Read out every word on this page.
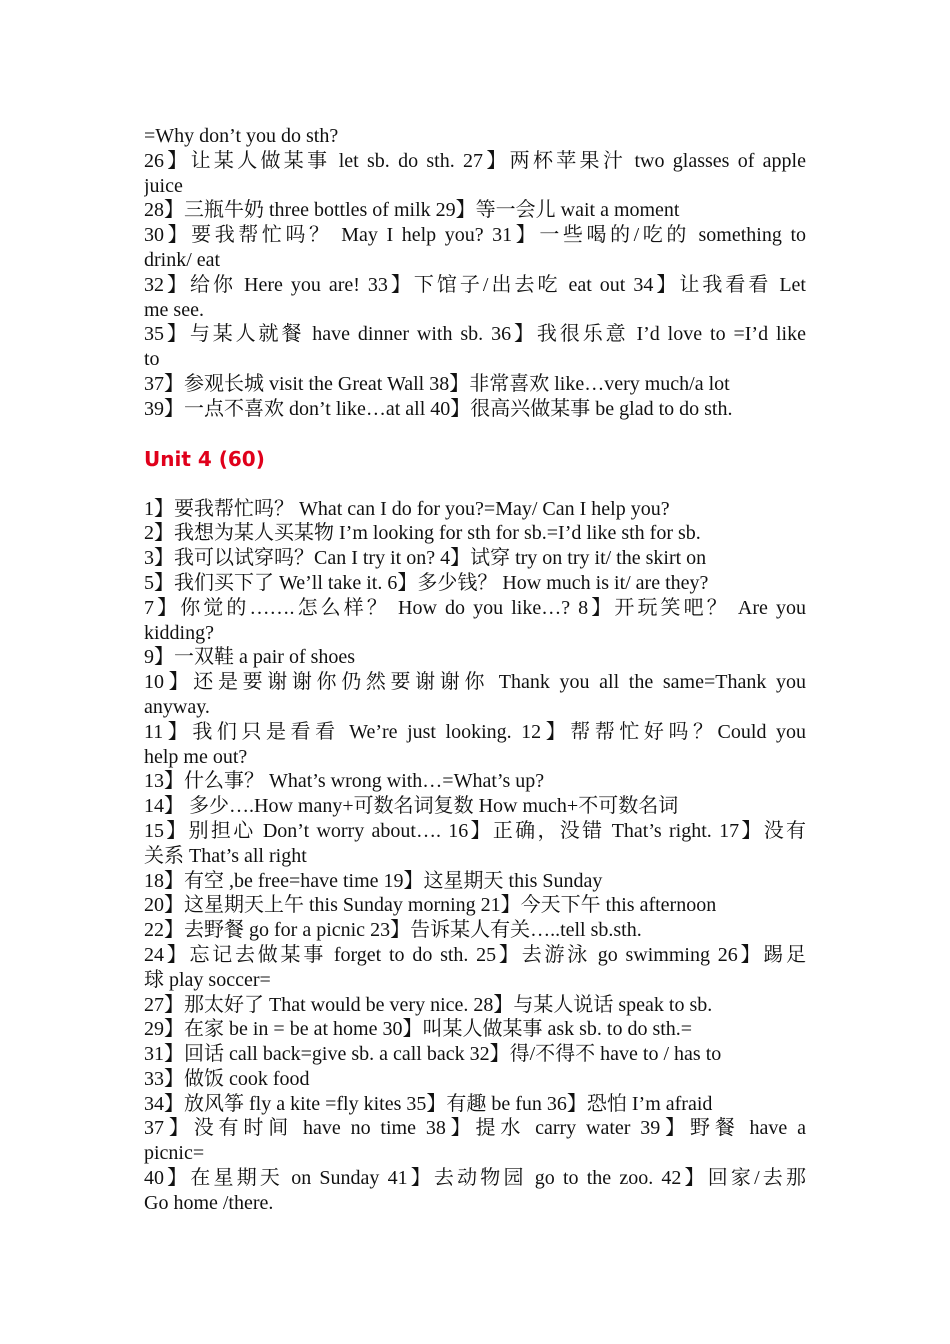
=Why don’t you do sth?
26】让某人做某事 let sb. do sth. 27】两杯苹果汁 two glasses of apple
juice
28】三瓶牛奶 three bottles of milk 29】等一会儿 wait a moment
30】要我帮忙吗？ May I help you? 31】一些喝的/吃的 something to
drink/ eat
32】给你 Here you are! 33】下馆子/出去吃 eat out 34】让我看看 Let
me see.
35】与某人就餐 have dinner with sb. 36】我很乐意 I’d love to =I’d like
to
37】参观长城 visit the Great Wall 38】非常喜欢 like…very much/a lot
39】一点不喜欢 don’t like…at all 40】很高兴做某事 be glad to do sth.
Unit 4 (60)
1】要我帮忙吗？ What can I do for you?=May/ Can I help you?
2】我想为某人买某物 I’m looking for sth for sb.=I’d like sth for sb.
3】我可以试穿吗？Can I try it on? 4】试穿 try on try it/ the skirt on
5】我们买下了 We’ll take it. 6】多少钱？ How much is it/ are they?
7】你觉的…….怎么样？ How do you like…? 8】开玩笑吧？ Are you
kidding?
9】一双鞋 a pair of shoes
10】还是要谢谢你仍然要谢谢你 Thank you all the same=Thank you
anyway.
11】我们只是看看 We’re just looking. 12】帮帮忙好吗？Could you
help me out?
13】什么事？ What’s wrong with…=What’s up?
14】 多少….How many+可数名词复数 How much+不可数名词
15】别担心 Don’t worry about…. 16】正确，没错 That’s right. 17】没有
关系 That’s all right
18】有空 ,be free=have time 19】这星期天 this Sunday
20】这星期天上午 this Sunday morning 21】今天下午 this afternoon
22】去野餐 go for a picnic 23】告诉某人有关…..tell sb.sth.
24】忘记去做某事 forget to do sth. 25】去游泳 go swimming 26】踢足
球 play soccer=
27】那太好了 That would be very nice. 28】与某人说话 speak to sb.
29】在家 be in = be at home 30】叫某人做某事 ask sb. to do sth.=
31】回话 call back=give sb. a call back 32】得/不得不 have to / has to
33】做饭 cook food
34】放风筝 fly a kite =fly kites 35】有趣 be fun 36】恐怕 I’m afraid
37】没有时间 have no time 38】提水 carry water 39】野餐 have a
picnic=
40】在星期天 on Sunday 41】去动物园 go to the zoo. 42】回家/去那
Go home /there.
